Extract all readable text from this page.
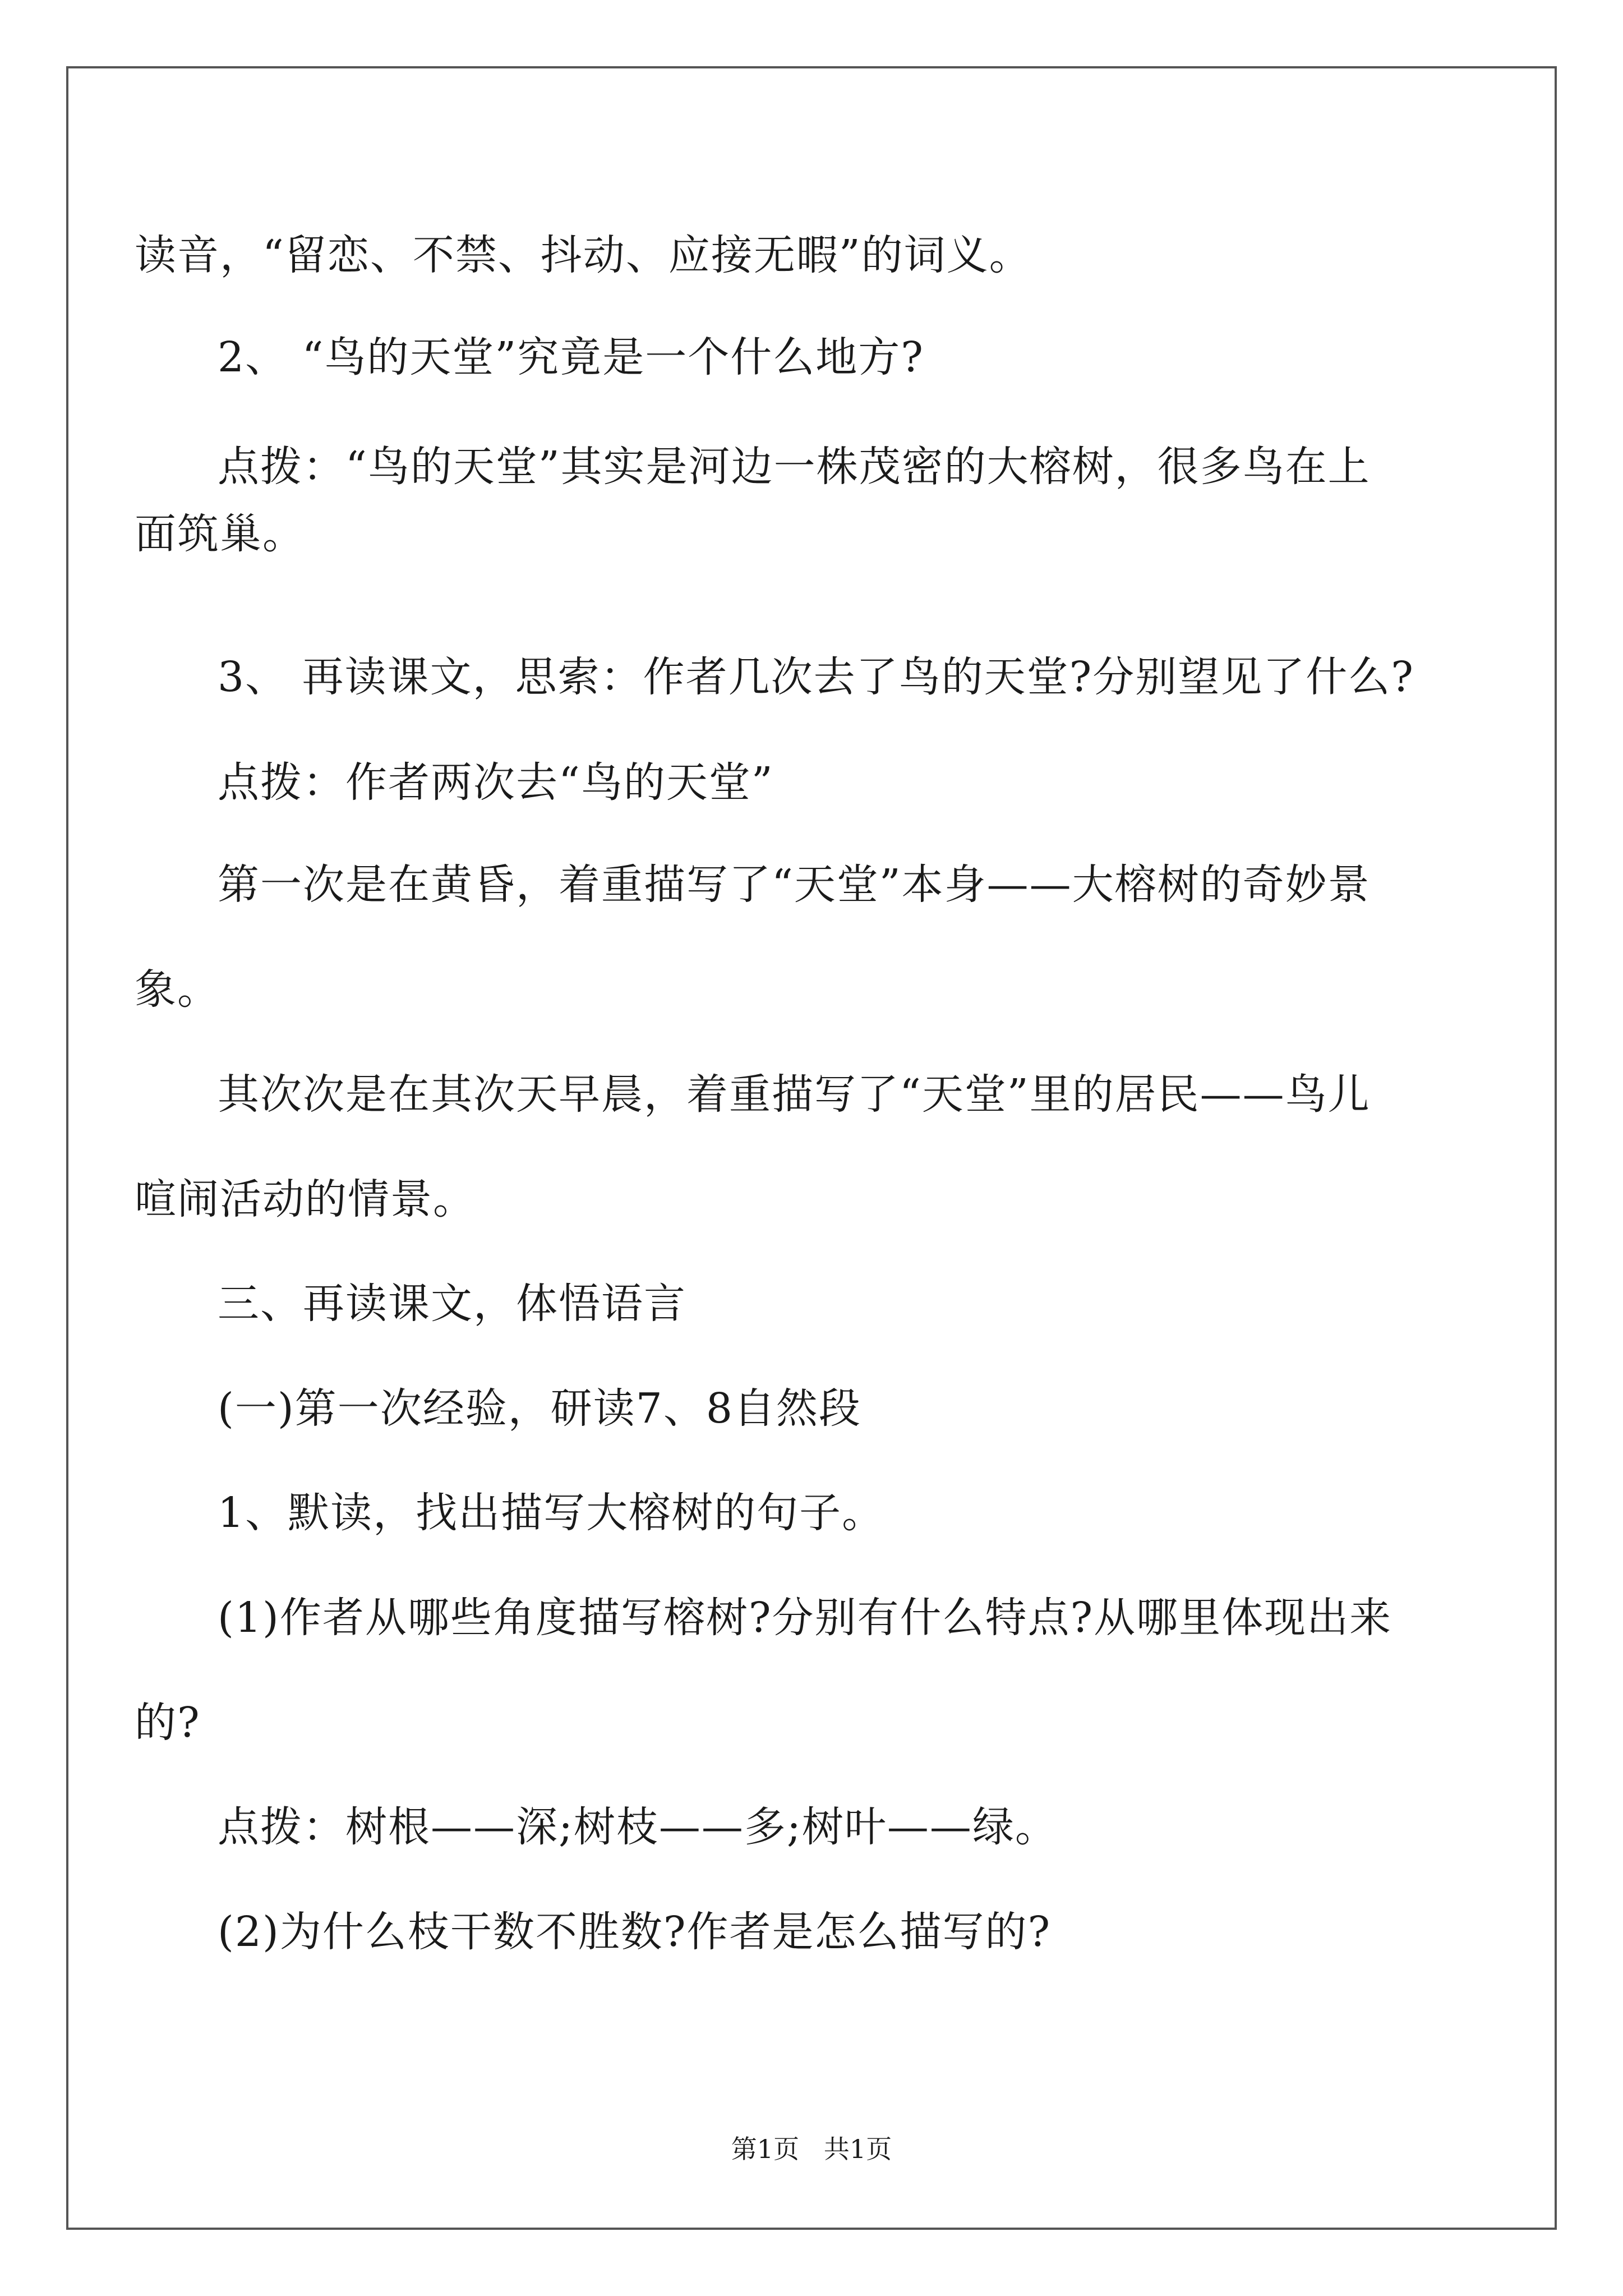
读音，“留恋、不禁、抖动、应接无暇”的词义。

2、 “鸟的天堂”究竟是一个什么地方?

点拨：“鸟的天堂”其实是河边一株茂密的大榕树，很多鸟在上

面筑巢。

3、 再读课文，思索：作者几次去了鸟的天堂?分别望见了什么?

点拨：作者两次去“鸟的天堂”

第一次是在黄昏，着重描写了“天堂”本身——大榕树的奇妙景

象。

其次次是在其次天早晨，着重描写了“天堂”里的居民——鸟儿

喧闹活动的情景。

三、再读课文，体悟语言

(一)第一次经验，研读7、8自然段

1、默读，找出描写大榕树的句子。

(1)作者从哪些角度描写榕树?分别有什么特点?从哪里体现出来

的?

点拨：树根——深;树枝——多;树叶——绿。

(2)为什么枝干数不胜数?作者是怎么描写的?

第1页   共1页
